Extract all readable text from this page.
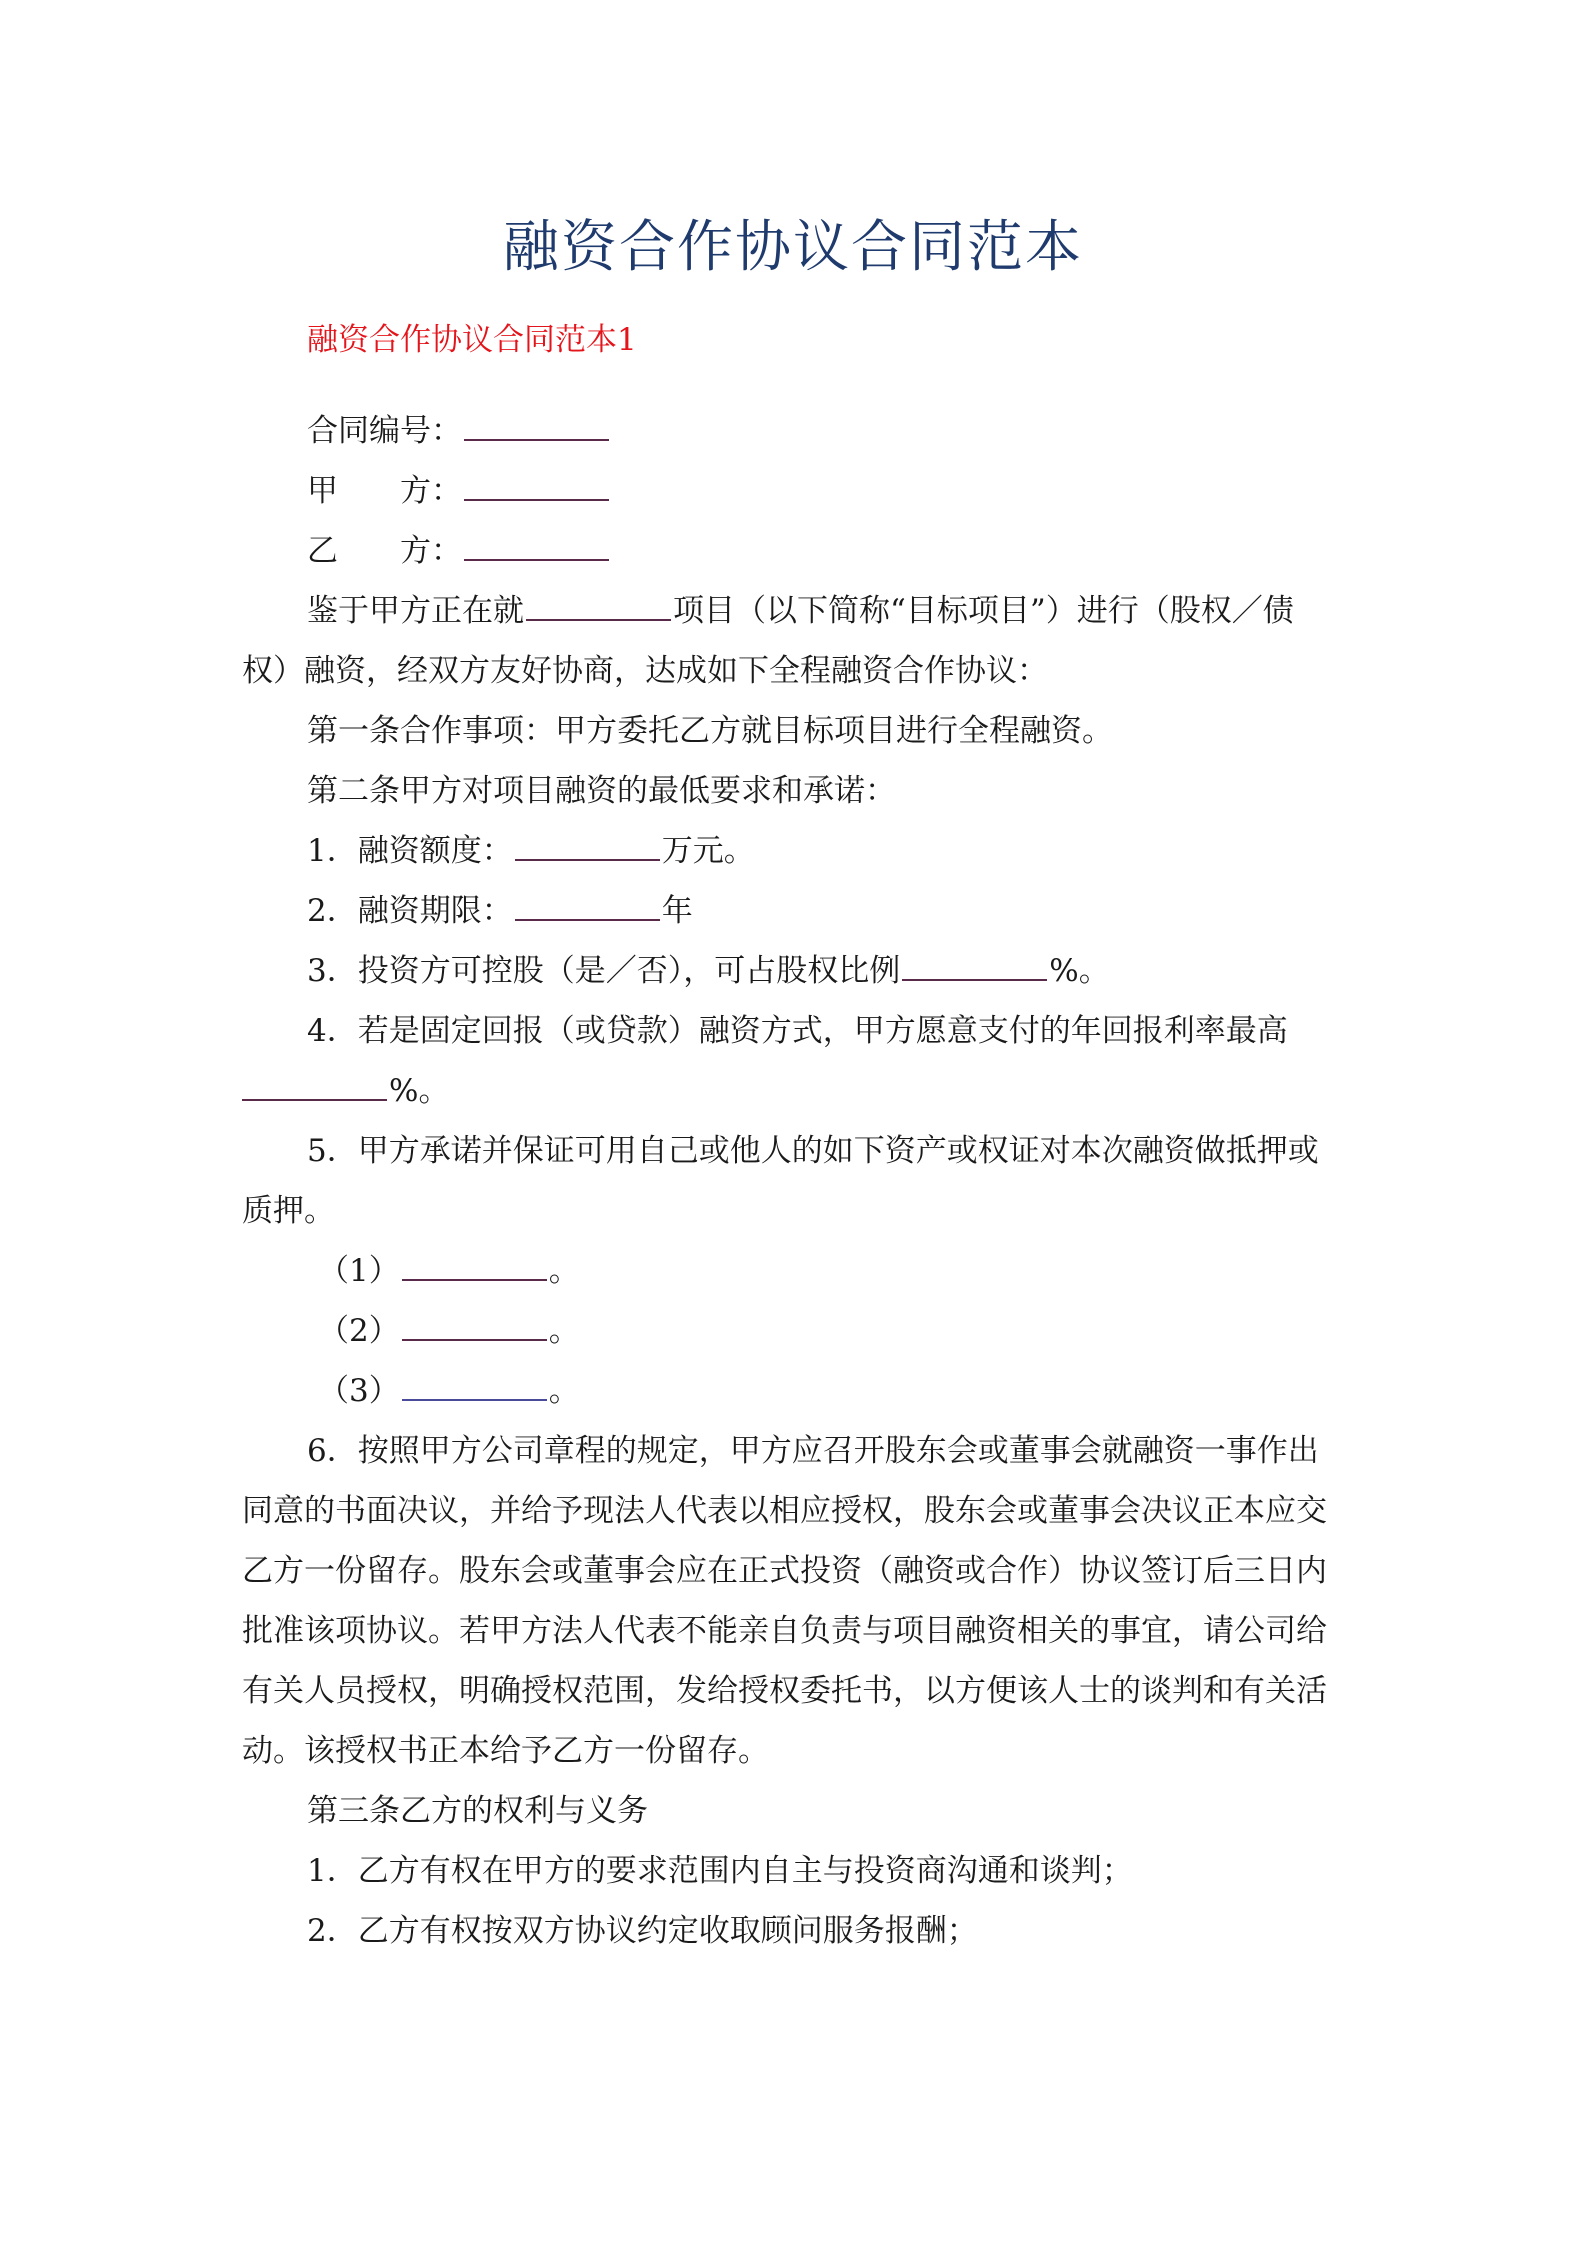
融资合作协议合同范本
融资合作协议合同范本1
合同编号：
甲 方：
乙 方：
鉴于甲方正在就	项目（以下简称“目标项目”）进行（股权／债
权）融资，经双方友好协商，达成如下全程融资合作协议：
第一条合作事项：甲方委托乙方就目标项目进行全程融资。
第二条甲方对项目融资的最低要求和承诺：
1．融资额度：	万元。
2．融资期限：	年
3．投资方可控股（是／否），可占股权比例	%。
4．若是固定回报（或贷款）融资方式，甲方愿意支付的年回报利率最高
%。
5．甲方承诺并保证可用自己或他人的如下资产或权证对本次融资做抵押或
质押。
（1）	。
（2）	。
（3）	。
6．按照甲方公司章程的规定，甲方应召开股东会或董事会就融资一事作出
同意的书面决议，并给予现法人代表以相应授权，股东会或董事会决议正本应交
乙方一份留存。股东会或董事会应在正式投资（融资或合作）协议签订后三日内
批准该项协议。若甲方法人代表不能亲自负责与项目融资相关的事宜，请公司给
有关人员授权，明确授权范围，发给授权委托书，以方便该人士的谈判和有关活
动。该授权书正本给予乙方一份留存。
第三条乙方的权利与义务
1．乙方有权在甲方的要求范围内自主与投资商沟通和谈判；
2．乙方有权按双方协议约定收取顾问服务报酬；
